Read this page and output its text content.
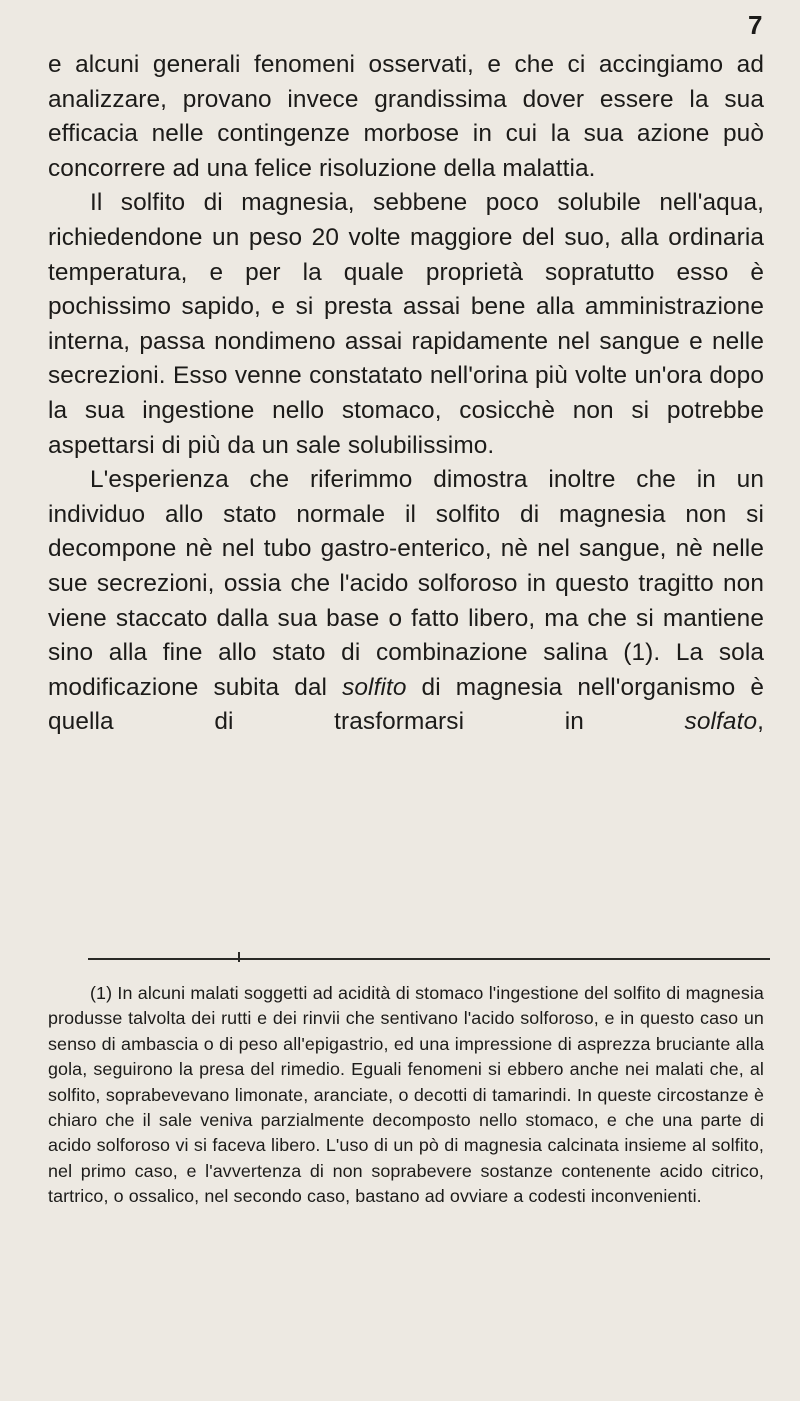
7

e alcuni generali fenomeni osservati, e che ci accingiamo ad analizzare, provano invece grandissima dover essere la sua efficacia nelle contingenze morbose in cui la sua azione può concorrere ad una felice risoluzione della malattia.

Il solfito di magnesia, sebbene poco solubile nell'aqua, richiedendone un peso 20 volte maggiore del suo, alla ordinaria temperatura, e per la quale proprietà sopratutto esso è pochissimo sapido, e si presta assai bene alla amministrazione interna, passa nondimeno assai rapidamente nel sangue e nelle secrezioni. Esso venne constatato nell'orina più volte un'ora dopo la sua ingestione nello stomaco, cosicchè non si potrebbe aspettarsi di più da un sale solubilissimo.

L'esperienza che riferimmo dimostra inoltre che in un individuo allo stato normale il solfito di magnesia non si decompone nè nel tubo gastro-enterico, nè nel sangue, nè nelle sue secrezioni, ossia che l'acido solforoso in questo tragitto non viene staccato dalla sua base o fatto libero, ma che si mantiene sino alla fine allo stato di combinazione salina (1). La sola modificazione subita dal solfito di magnesia nell'organismo è quella di trasformarsi in solfato,

(1) In alcuni malati soggetti ad acidità di stomaco l'ingestione del solfito di magnesia produsse talvolta dei rutti e dei rinvii che sentivano l'acido solforoso, e in questo caso un senso di ambascia o di peso all'epigastrio, ed una impressione di asprezza bruciante alla gola, seguirono la presa del rimedio. Eguali fenomeni si ebbero anche nei malati che, al solfito, soprabevevano limonate, aranciate, o decotti di tamarindi. In queste circostanze è chiaro che il sale veniva parzialmente decomposto nello stomaco, e che una parte di acido solforoso vi si faceva libero. L'uso di un pò di magnesia calcinata insieme al solfito, nel primo caso, e l'avvertenza di non soprabevere sostanze contenente acido citrico, tartrico, o ossalico, nel secondo caso, bastano ad ovviare a codesti inconvenienti.
